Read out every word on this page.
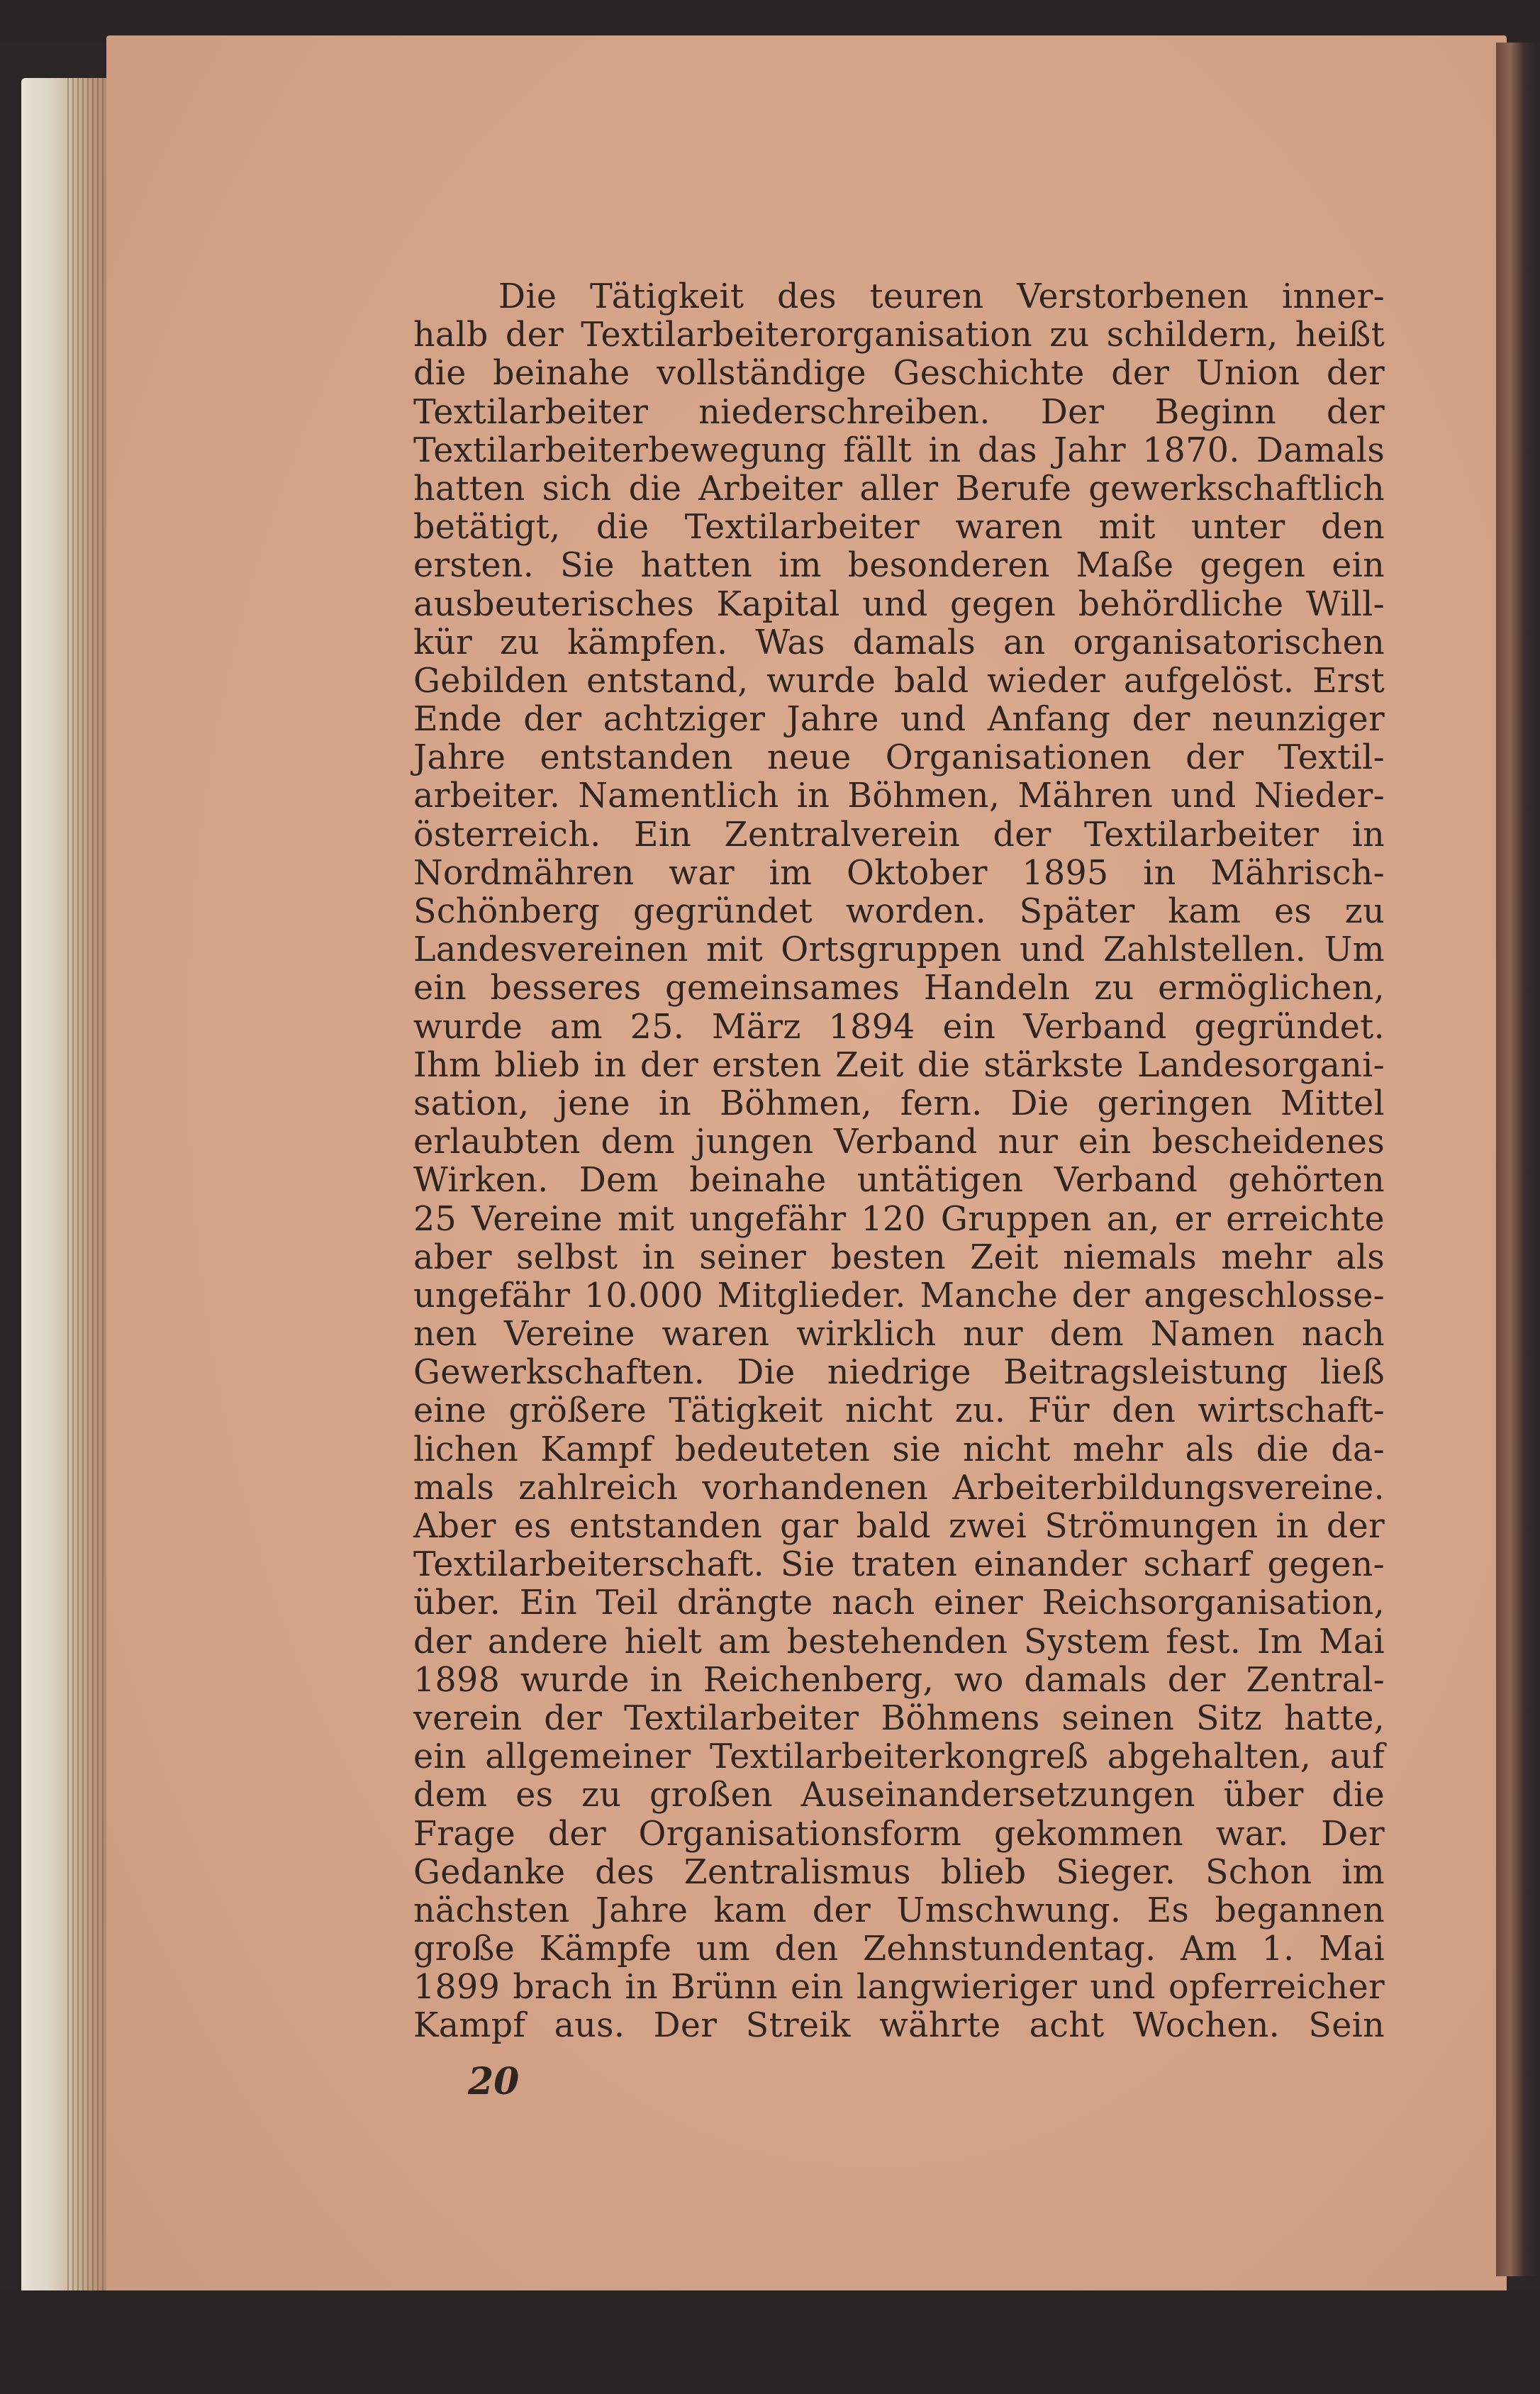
Die Tätigkeit des teuren Verstorbenen inner-
halb der Textilarbeiterorganisation zu schildern, heißt
die beinahe vollständige Geschichte der Union der
Textilarbeiter niederschreiben. Der Beginn der
Textilarbeiterbewegung fällt in das Jahr 1870. Damals
hatten sich die Arbeiter aller Berufe gewerkschaftlich
betätigt, die Textilarbeiter waren mit unter den
ersten. Sie hatten im besonderen Maße gegen ein
ausbeuterisches Kapital und gegen behördliche Will-
kür zu kämpfen. Was damals an organisatorischen
Gebilden entstand, wurde bald wieder aufgelöst. Erst
Ende der achtziger Jahre und Anfang der neunziger
Jahre entstanden neue Organisationen der Textil-
arbeiter. Namentlich in Böhmen, Mähren und Nieder-
österreich. Ein Zentralverein der Textilarbeiter in
Nordmähren war im Oktober 1895 in Mährisch-
Schönberg gegründet worden. Später kam es zu
Landesvereinen mit Ortsgruppen und Zahlstellen. Um
ein besseres gemeinsames Handeln zu ermöglichen,
wurde am 25. März 1894 ein Verband gegründet.
Ihm blieb in der ersten Zeit die stärkste Landesorgani-
sation, jene in Böhmen, fern. Die geringen Mittel
erlaubten dem jungen Verband nur ein bescheidenes
Wirken. Dem beinahe untätigen Verband gehörten
25 Vereine mit ungefähr 120 Gruppen an, er erreichte
aber selbst in seiner besten Zeit niemals mehr als
ungefähr 10.000 Mitglieder. Manche der angeschlosse-
nen Vereine waren wirklich nur dem Namen nach
Gewerkschaften. Die niedrige Beitragsleistung ließ
eine größere Tätigkeit nicht zu. Für den wirtschaft-
lichen Kampf bedeuteten sie nicht mehr als die da-
mals zahlreich vorhandenen Arbeiterbildungsvereine.
Aber es entstanden gar bald zwei Strömungen in der
Textilarbeiterschaft. Sie traten einander scharf gegen-
über. Ein Teil drängte nach einer Reichsorganisation,
der andere hielt am bestehenden System fest. Im Mai
1898 wurde in Reichenberg, wo damals der Zentral-
verein der Textilarbeiter Böhmens seinen Sitz hatte,
ein allgemeiner Textilarbeiterkongreß abgehalten, auf
dem es zu großen Auseinandersetzungen über die
Frage der Organisationsform gekommen war. Der
Gedanke des Zentralismus blieb Sieger. Schon im
nächsten Jahre kam der Umschwung. Es begannen
große Kämpfe um den Zehnstundentag. Am 1. Mai
1899 brach in Brünn ein langwieriger und opferreicher
Kampf aus. Der Streik währte acht Wochen. Sein
20
